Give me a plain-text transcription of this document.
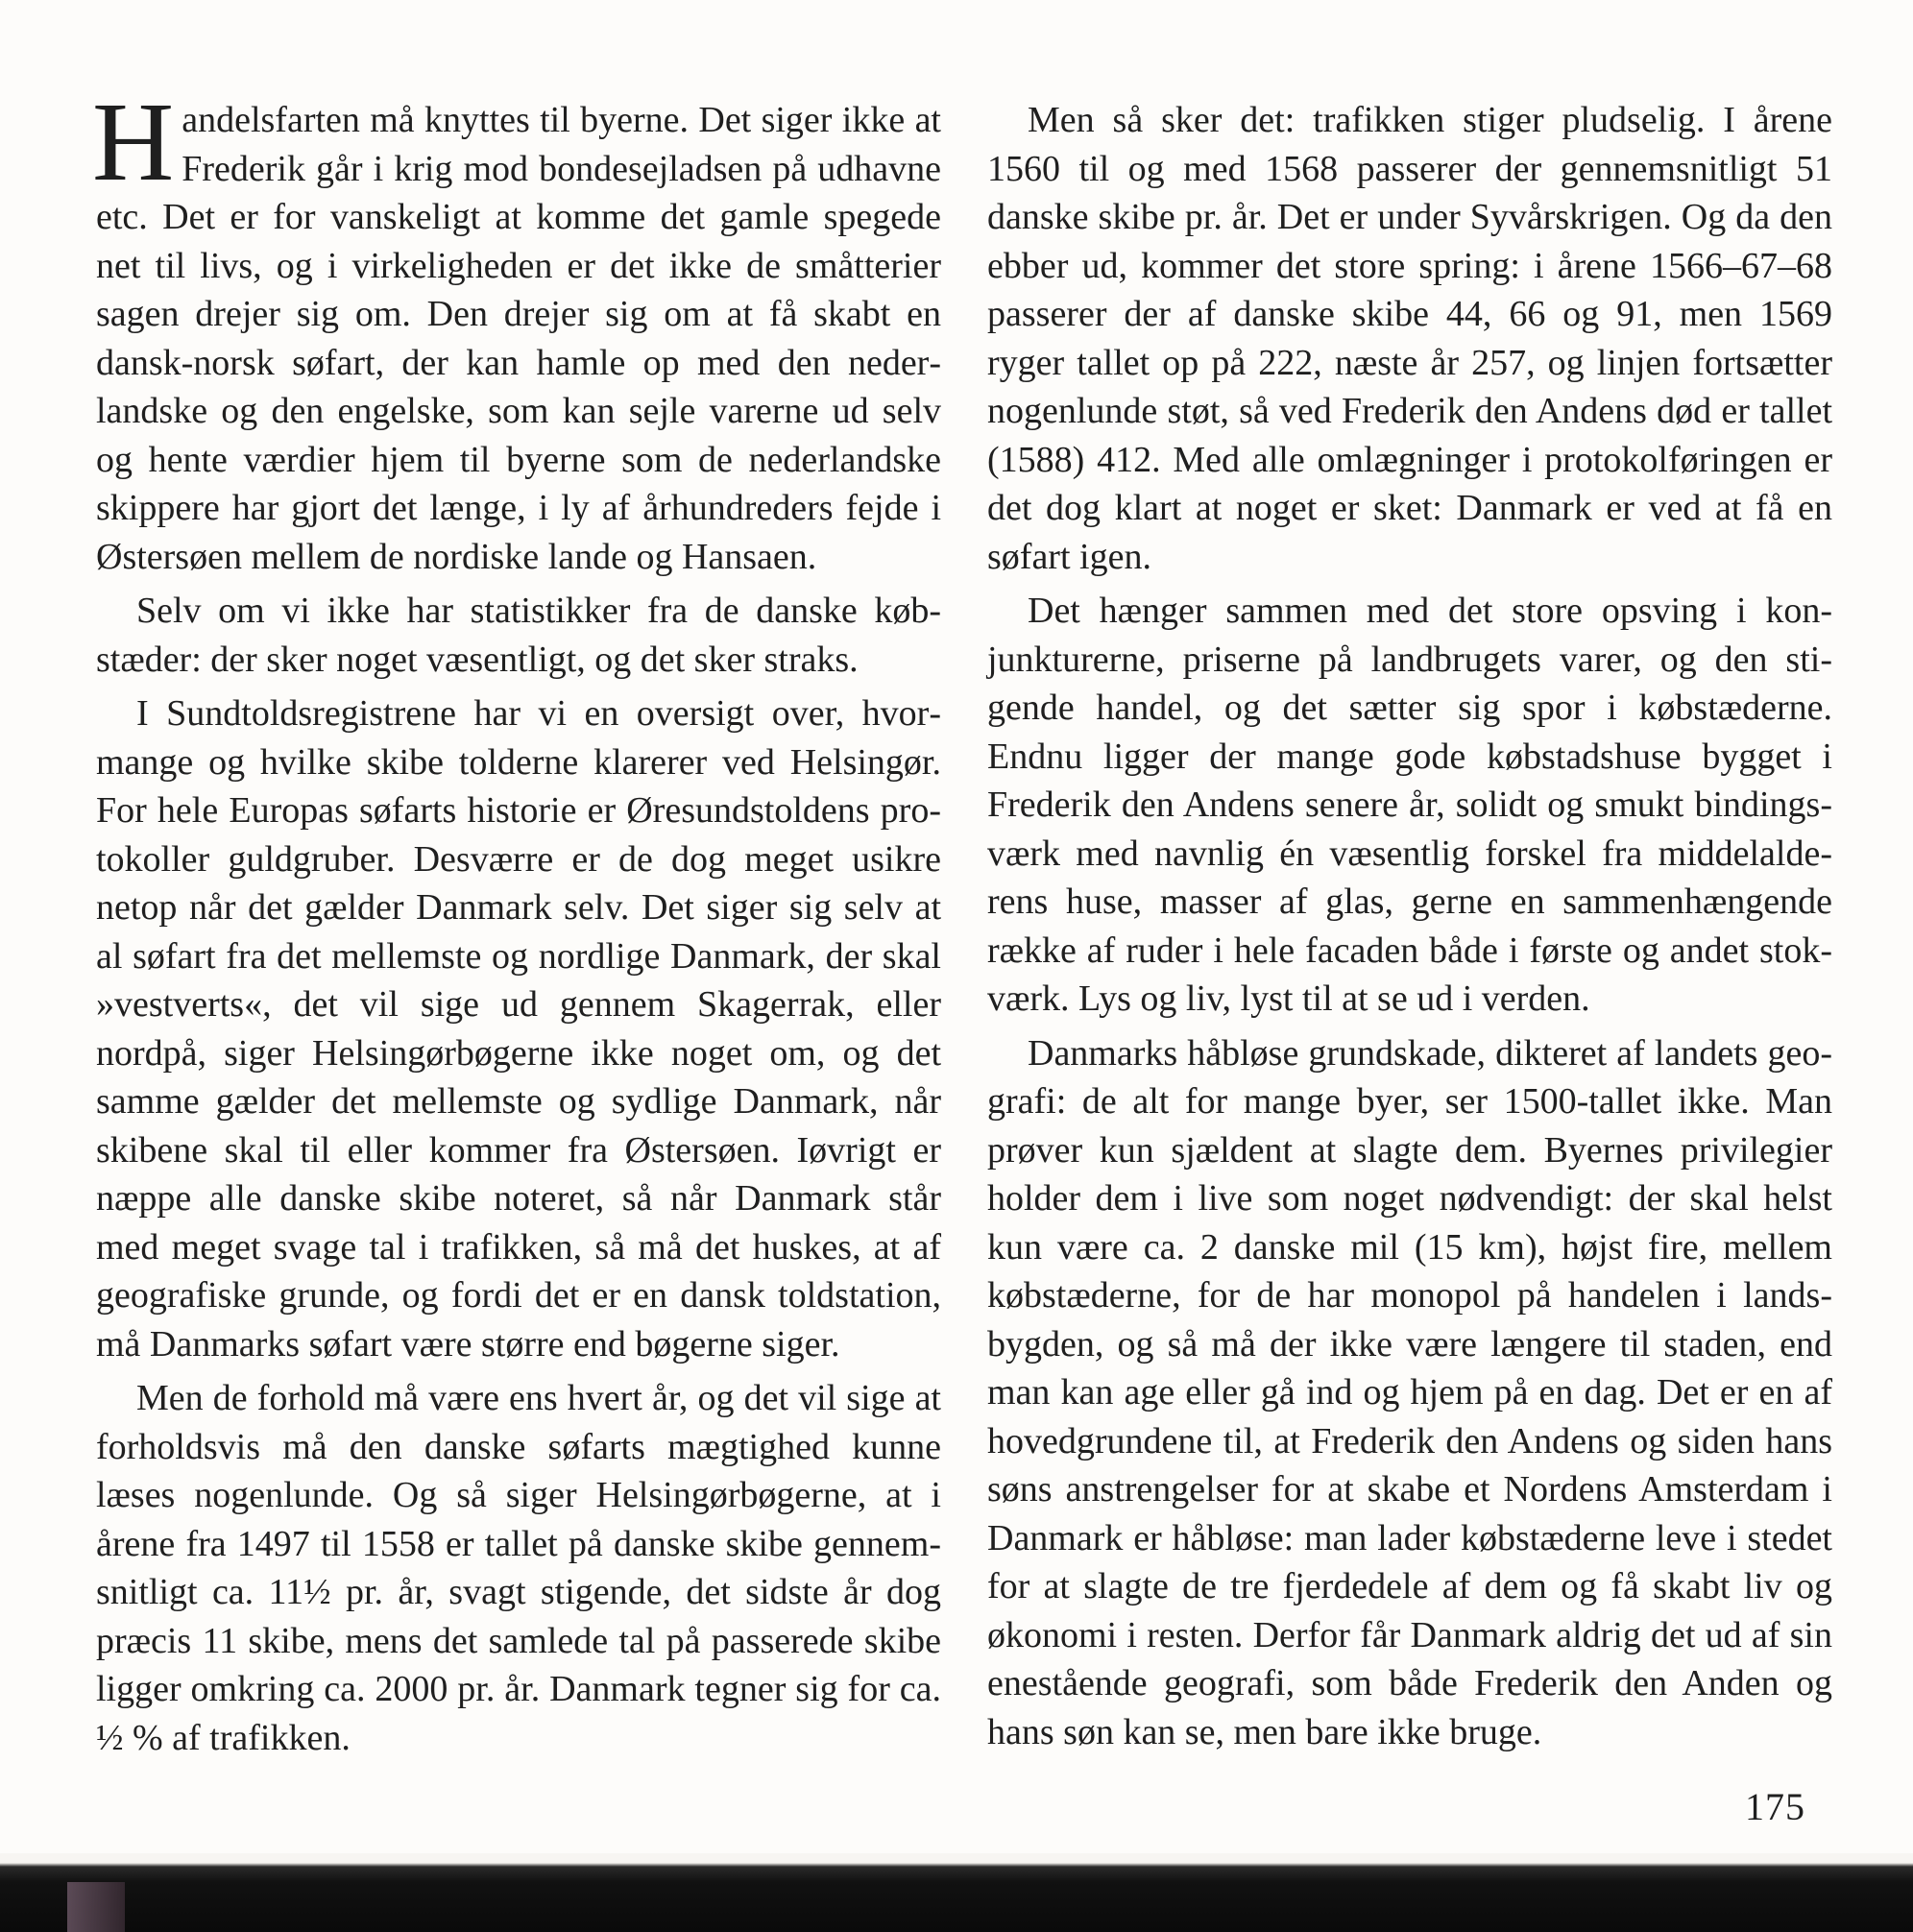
Handelsfarten må knyttes til byerne. Det siger ikke at Frederik går i krig mod bondesejladsen på udhavne etc. Det er for vanskeligt at komme det gamle spegede net til livs, og i virkeligheden er det ikke de småtterier sagen drejer sig om. Den drejer sig om at få skabt en dansk-norsk søfart, der kan hamle op med den nederlandske og den engelske, som kan sejle varerne ud selv og hente værdier hjem til byerne som de nederlandske skippere har gjort det længe, i ly af århundreders fejde i Østersøen mellem de nordiske lande og Hansaen.

Selv om vi ikke har statistikker fra de danske købstæder: der sker noget væsentligt, og det sker straks.

I Sundtoldsregistrene har vi en oversigt over, hvormange og hvilke skibe tolderne klarerer ved Helsingør. For hele Europas søfarts historie er Øresundstoldens protokoller guldgruber. Desværre er de dog meget usikre netop når det gælder Danmark selv. Det siger sig selv at al søfart fra det mellemste og nordlige Danmark, der skal »vestverts«, det vil sige ud gennem Skagerrak, eller nordpå, siger Helsingørbøgerne ikke noget om, og det samme gælder det mellemste og sydlige Danmark, når skibene skal til eller kommer fra Østersøen. Iøvrigt er næppe alle danske skibe noteret, så når Danmark står med meget svage tal i trafikken, så må det huskes, at af geografiske grunde, og fordi det er en dansk toldstation, må Danmarks søfart være større end bøgerne siger.

Men de forhold må være ens hvert år, og det vil sige at forholdsvis må den danske søfarts mægtighed kunne læses nogenlunde. Og så siger Helsingørbøgerne, at i årene fra 1497 til 1558 er tallet på danske skibe gennemsnitligt ca. 11½ pr. år, svagt stigende, det sidste år dog præcis 11 skibe, mens det samlede tal på passerede skibe ligger omkring ca. 2000 pr. år. Danmark tegner sig for ca. ½ % af trafikken.

Men så sker det: trafikken stiger pludselig. I årene 1560 til og med 1568 passerer der gennemsnitligt 51 danske skibe pr. år. Det er under Syvårskrigen. Og da den ebber ud, kommer det store spring: i årene 1566–67–68 passerer der af danske skibe 44, 66 og 91, men 1569 ryger tallet op på 222, næste år 257, og linjen fortsætter nogenlunde støt, så ved Frederik den Andens død er tallet (1588) 412. Med alle omlægninger i protokolføringen er det dog klart at noget er sket: Danmark er ved at få en søfart igen.

Det hænger sammen med det store opsving i konjunkturerne, priserne på landbrugets varer, og den stigende handel, og det sætter sig spor i købstæderne. Endnu ligger der mange gode købstadshuse bygget i Frederik den Andens senere år, solidt og smukt bindingsværk med navnlig én væsentlig forskel fra middelalderens huse, masser af glas, gerne en sammenhængende række af ruder i hele facaden både i første og andet stokværk. Lys og liv, lyst til at se ud i verden.

Danmarks håbløse grundskade, dikteret af landets geografi: de alt for mange byer, ser 1500-tallet ikke. Man prøver kun sjældent at slagte dem. Byernes privilegier holder dem i live som noget nødvendigt: der skal helst kun være ca. 2 danske mil (15 km), højst fire, mellem købstæderne, for de har monopol på handelen i landsbygden, og så må der ikke være længere til staden, end man kan age eller gå ind og hjem på en dag. Det er en af hovedgrundene til, at Frederik den Andens og siden hans søns anstrengelser for at skabe et Nordens Amsterdam i Danmark er håbløse: man lader købstæderne leve i stedet for at slagte de tre fjerdedele af dem og få skabt liv og økonomi i resten. Derfor får Danmark aldrig det ud af sin enestående geografi, som både Frederik den Anden og hans søn kan se, men bare ikke bruge.

175
